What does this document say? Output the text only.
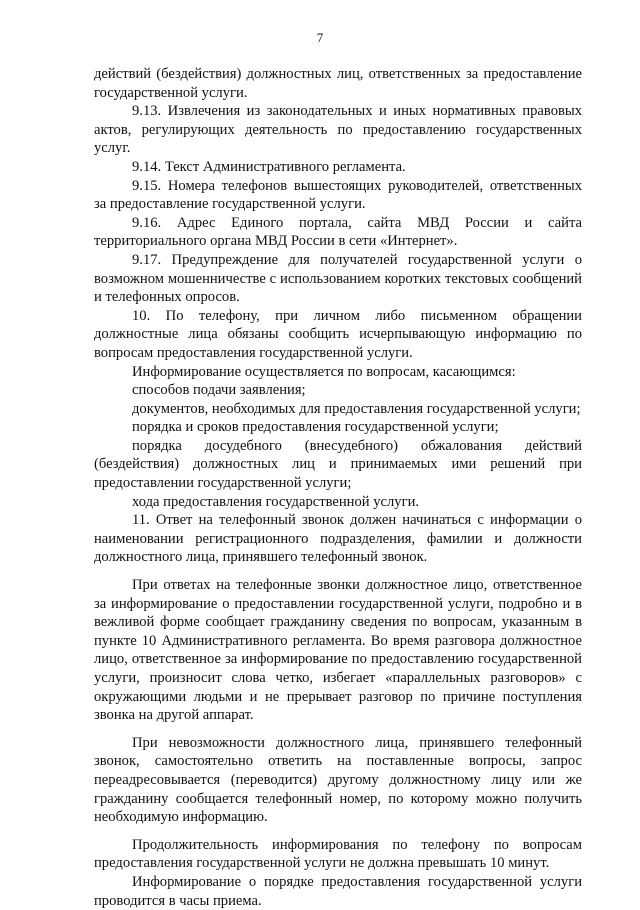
7

действий (бездействия) должностных лиц, ответственных за предоставление государственной услуги.

9.13. Извлечения из законодательных и иных нормативных правовых актов, регулирующих деятельность по предоставлению государственных услуг.

9.14. Текст Административного регламента.

9.15. Номера телефонов вышестоящих руководителей, ответственных за предоставление государственной услуги.

9.16. Адрес Единого портала, сайта МВД России и сайта территориального органа МВД России в сети «Интернет».

9.17. Предупреждение для получателей государственной услуги о возможном мошенничестве с использованием коротких текстовых сообщений и телефонных опросов.

10. По телефону, при личном либо письменном обращении должностные лица обязаны сообщить исчерпывающую информацию по вопросам предоставления государственной услуги.

Информирование осуществляется по вопросам, касающимся:

способов подачи заявления;

документов, необходимых для предоставления государственной услуги;

порядка и сроков предоставления государственной услуги;

порядка досудебного (внесудебного) обжалования действий (бездействия) должностных лиц и принимаемых ими решений при предоставлении государственной услуги;

хода предоставления государственной услуги.

11. Ответ на телефонный звонок должен начинаться с информации о наименовании регистрационного подразделения, фамилии и должности должностного лица, принявшего телефонный звонок.

При ответах на телефонные звонки должностное лицо, ответственное за информирование о предоставлении государственной услуги, подробно и в вежливой форме сообщает гражданину сведения по вопросам, указанным в пункте 10 Административного регламента. Во время разговора должностное лицо, ответственное за информирование по предоставлению государственной услуги, произносит слова четко, избегает «параллельных разговоров» с окружающими людьми и не прерывает разговор по причине поступления звонка на другой аппарат.

При невозможности должностного лица, принявшего телефонный звонок, самостоятельно ответить на поставленные вопросы, запрос переадресовывается (переводится) другому должностному лицу или же гражданину сообщается телефонный номер, по которому можно получить необходимую информацию.

Продолжительность информирования по телефону по вопросам предоставления государственной услуги не должна превышать 10 минут.

Информирование о порядке предоставления государственной услуги проводится в часы приема.
